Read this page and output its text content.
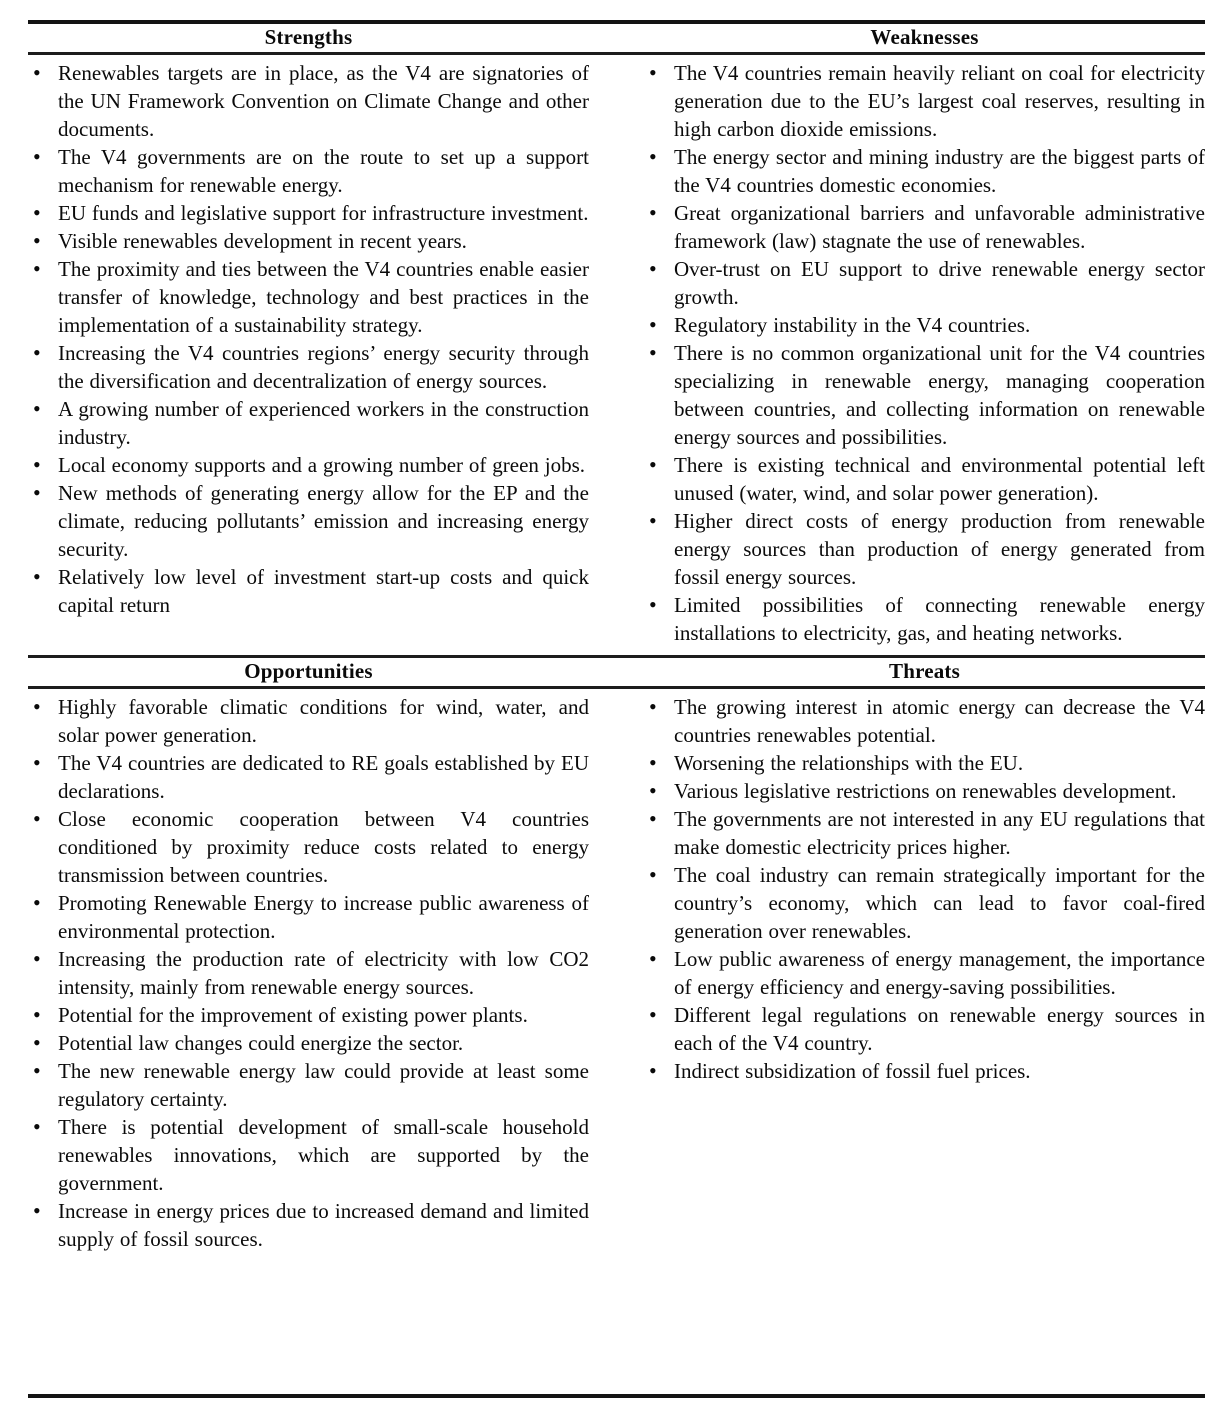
Strengths	Weaknesses
• Renewables targets are in place, as the V4 are signatories of the UN Framework Convention on Climate Change and other documents.
• The V4 governments are on the route to set up a support mechanism for renewable energy.
• EU funds and legislative support for infrastructure investment.
• Visible renewables development in recent years.
• The proximity and ties between the V4 countries enable easier transfer of knowledge, technology and best practices in the implementation of a sustainability strategy.
• Increasing the V4 countries regions’ energy security through the diversification and decentralization of energy sources.
• A growing number of experienced workers in the construction industry.
• Local economy supports and a growing number of green jobs.
• New methods of generating energy allow for the EP and the climate, reducing pollutants’ emission and increasing energy security.
• Relatively low level of investment start-up costs and quick capital return
• The V4 countries remain heavily reliant on coal for electricity generation due to the EU’s largest coal reserves, resulting in high carbon dioxide emissions.
• The energy sector and mining industry are the biggest parts of the V4 countries domestic economies.
• Great organizational barriers and unfavorable administrative framework (law) stagnate the use of renewables.
• Over-trust on EU support to drive renewable energy sector growth.
• Regulatory instability in the V4 countries.
• There is no common organizational unit for the V4 countries specializing in renewable energy, managing cooperation between countries, and collecting information on renewable energy sources and possibilities.
• There is existing technical and environmental potential left unused (water, wind, and solar power generation).
• Higher direct costs of energy production from renewable energy sources than production of energy generated from fossil energy sources.
• Limited possibilities of connecting renewable energy installations to electricity, gas, and heating networks.
Opportunities	Threats
• Highly favorable climatic conditions for wind, water, and solar power generation.
• The V4 countries are dedicated to RE goals established by EU declarations.
• Close economic cooperation between V4 countries conditioned by proximity reduce costs related to energy transmission between countries.
• Promoting Renewable Energy to increase public awareness of environmental protection.
• Increasing the production rate of electricity with low CO2 intensity, mainly from renewable energy sources.
• Potential for the improvement of existing power plants.
• Potential law changes could energize the sector.
• The new renewable energy law could provide at least some regulatory certainty.
• There is potential development of small-scale household renewables innovations, which are supported by the government.
• Increase in energy prices due to increased demand and limited supply of fossil sources.
• The growing interest in atomic energy can decrease the V4 countries renewables potential.
• Worsening the relationships with the EU.
• Various legislative restrictions on renewables development.
• The governments are not interested in any EU regulations that make domestic electricity prices higher.
• The coal industry can remain strategically important for the country’s economy, which can lead to favor coal-fired generation over renewables.
• Low public awareness of energy management, the importance of energy efficiency and energy-saving possibilities.
• Different legal regulations on renewable energy sources in each of the V4 country.
• Indirect subsidization of fossil fuel prices.
